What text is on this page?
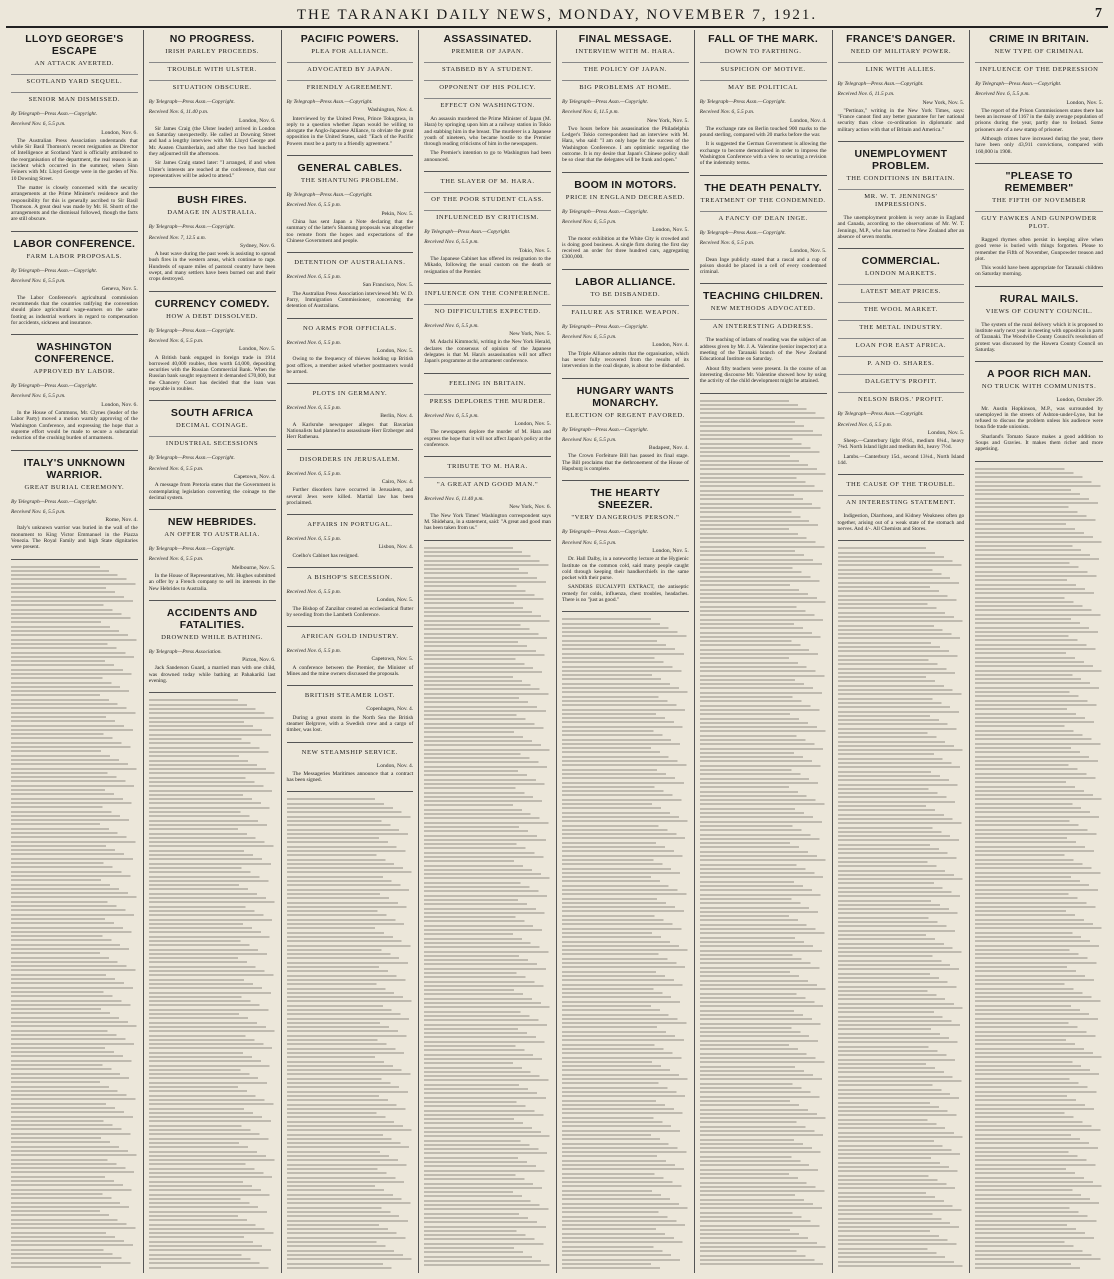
THE TARANAKI DAILY NEWS, MONDAY, NOVEMBER 7, 1921.	7
LLOYD GEORGE'S ESCAPE
AN ATTACK AVERTED.
SCOTLAND YARD SEQUEL.
SENIOR MAN DISMISSED.
By Telegraph—Press Assn.—Copyright.
Received Nov. 6, 5.5 p.m.
London, Nov. 6.

The Australian Press Association understands that while Sir Basil Thomson's recent resignation as Director of Intelligence at Scotland Yard is officially attributed to the reorganisation of the department, the real reason is an incident which occurred in the summer, when Sinn Feiners with Mr. Lloyd George were in the garden of No. 10 Downing Street.

The matter is closely concerned with the security arrangements at the Prime Minister's residence and the responsibility for this is generally ascribed to Sir Basil Thomson. A great deal was made by Mr. H. Shortt of the arrangements and the dismissal followed, though the facts are still obscure.

LABOR CONFERENCE.
FARM LABOR PROPOSALS.
By Telegraph—Press Assn.—Copyright.
Received Nov. 6, 5.5 p.m.
Geneva, Nov. 5.

The Labor Conference's agricultural commission recommends that the countries ratifying the convention should place agricultural wage-earners on the same footing as industrial workers in regard to compensation for accidents, sickness and insurance.

WASHINGTON CONFERENCE.
APPROVED BY LABOR.
By Telegraph—Press Assn.—Copyright.
Received Nov. 6, 5.5 p.m.
London, Nov. 6.

In the House of Commons, Mr. Clynes (leader of the Labor Party) moved a motion warmly approving of the Washington Conference, and expressing the hope that a supreme effort would be made to secure a substantial reduction of the crushing burden of armaments.

ITALY'S UNKNOWN WARRIOR.
GREAT BURIAL CEREMONY.
By Telegraph—Press Assn.—Copyright.
Received Nov. 6, 5.5 p.m.
Rome, Nov. 4.

Italy's unknown warrior was buried in the wall of the monument to King Victor Emmanuel in the Piazza Venezia. The Royal Family and high State dignitaries were present.

NO PROGRESS.
IRISH PARLEY PROCEEDS.
TROUBLE WITH ULSTER.
SITUATION OBSCURE.
By Telegraph—Press Assn.—Copyright.
Received Nov. 6, 11.40 p.m.
London, Nov. 6.

Sir James Craig (the Ulster leader) arrived in London on Saturday unexpectedly. He called at Downing Street and had a lengthy interview with Mr. Lloyd George and Mr. Austen Chamberlain, and after the two had lunched they adjourned till the afternoon.

Sir James Craig stated later: "I arranged, if and when Ulster's interests are reached at the conference, that our representatives will be asked to attend."

BUSH FIRES.
DAMAGE IN AUSTRALIA.
By Telegraph—Press Assn.—Copyright.
Received Nov. 7, 12.5 a.m.
Sydney, Nov. 6.

A heat wave during the past week is assisting to spread bush fires in the western areas, which continue to rage. Hundreds of square miles of pastoral country have been swept, and many settlers have been burned out and their crops destroyed.

CURRENCY COMEDY.
HOW A DEBT DISSOLVED.
By Telegraph—Press Assn.—Copyright.
Received Nov. 6, 5.5 p.m.
London, Nov. 5.

A British bank engaged in foreign trade in 1914 borrowed 40,000 roubles, then worth £4,000, depositing securities with the Russian Commercial Bank. When the Russian bank sought repayment it demanded £70,000, but the Chancery Court has decided that the loan was repayable in roubles.

SOUTH AFRICA
DECIMAL COINAGE.
INDUSTRIAL SECESSIONS
By Telegraph—Press Assn.—Copyright.
Received Nov. 6, 5.5 p.m.
Capetown, Nov. 4.

A message from Pretoria states that the Government is contemplating legislation converting the coinage to the decimal system.

NEW HEBRIDES.
AN OFFER TO AUSTRALIA.
By Telegraph—Press Assn.—Copyright.
Received Nov. 6, 5.5 p.m.
Melbourne, Nov. 5.

In the House of Representatives, Mr. Hughes submitted an offer by a French company to sell its interests in the New Hebrides to Australia.

ACCIDENTS AND FATALITIES.
DROWNED WHILE BATHING.
By Telegraph—Press Association.
Picton, Nov. 6.

Jack Sanderson Guard, a married man with one child, was drowned today while bathing at Pahakariki last evening.

PACIFIC POWERS.
PLEA FOR ALLIANCE.
ADVOCATED BY JAPAN.
FRIENDLY AGREEMENT.
By Telegraph—Press Assn.—Copyright.
Washington, Nov. 4.

Interviewed by the United Press, Prince Tokugawa, in reply to a question whether Japan would be willing to abrogate the Anglo-Japanese Alliance, to obviate the great opposition in the United States, said: "Each of the Pacific Powers must be a party to a friendly agreement."

GENERAL CABLES.
THE SHANTUNG PROBLEM.
By Telegraph—Press Assn.—Copyright.
Received Nov. 6, 5.5 p.m.
Pekin, Nov. 5.

China has sent Japan a Note declaring that the summary of the latter's Shantung proposals was altogether too remote from the hopes and expectations of the Chinese Government and people.

DETENTION OF AUSTRALIANS.
Received Nov. 6, 5.5 p.m.
San Francisco, Nov. 5.

The Australian Press Association interviewed Mr. W. D. Parry, Immigration Commissioner, concerning the detention of Australians.

NO ARMS FOR OFFICIALS.
Received Nov. 6, 5.5 p.m.
London, Nov. 5.

Owing to the frequency of thieves holding up British post offices, a member asked whether postmasters would be armed.

PLOTS IN GERMANY.
Received Nov. 6, 5.5 p.m.
Berlin, Nov. 4.

A Karlsruhe newspaper alleges that Bavarian Nationalists had planned to assassinate Herr Erzberger and Herr Rathenau.

DISORDERS IN JERUSALEM.
Received Nov. 6, 5.5 p.m.
Cairo, Nov. 4.

Further disorders have occurred in Jerusalem, and several Jews were killed. Martial law has been proclaimed.

AFFAIRS IN PORTUGAL.
Received Nov. 6, 5.5 p.m.
Lisbon, Nov. 4.

Coelho's Cabinet has resigned.

A BISHOP'S SECESSION.
Received Nov. 6, 5.5 p.m.
London, Nov. 5.

The Bishop of Zanzibar created an ecclesiastical flutter by seceding from the Lambeth Conference.

AFRICAN GOLD INDUSTRY.
Received Nov. 6, 5.5 p.m.
Capetown, Nov. 5.

A conference between the Premier, the Minister of Mines and the mine owners discussed the proposals.

BRITISH STEAMER LOST.
Copenhagen, Nov. 4.

During a great storm in the North Sea the British steamer Belgrove, with a Swedish crew and a cargo of timber, was lost.

NEW STEAMSHIP SERVICE.
London, Nov. 4.

The Messageries Maritimes announce that a contract has been signed.

ASSASSINATED.
PREMIER OF JAPAN.
STABBED BY A STUDENT.
OPPONENT OF HIS POLICY.
EFFECT ON WASHINGTON.

An assassin murdered the Prime Minister of Japan (M. Hara) by springing upon him at a railway station in Tokio and stabbing him in the breast. The murderer is a Japanese youth of nineteen, who became hostile to the Premier through reading criticisms of him in the newspapers.

The Premier's intention to go to Washington had been announced.

THE SLAYER OF M. HARA.
OF THE POOR STUDENT CLASS.
INFLUENCED BY CRITICISM.
By Telegraph—Press Assn.—Copyright.
Received Nov. 6, 5.5 p.m.
Tokio, Nov. 5.

The Japanese Cabinet has offered its resignation to the Mikado, following the usual custom on the death or resignation of the Premier.

INFLUENCE ON THE CONFERENCE.
NO DIFFICULTIES EXPECTED.
Received Nov. 6, 5.5 p.m.
New York, Nov. 5.

M. Adachi Kimmochi, writing in the New York Herald, declares the consensus of opinion of the Japanese delegates is that M. Hara's assassination will not affect Japan's programme at the armament conference.

FEELING IN BRITAIN.
PRESS DEPLORES THE MURDER.
Received Nov. 6, 5.5 p.m.
London, Nov. 5.

The newspapers deplore the murder of M. Hara and express the hope that it will not affect Japan's policy at the conference.

TRIBUTE TO M. HARA.
"A GREAT AND GOOD MAN."
Received Nov. 6, 11.40 p.m.
New York, Nov. 6.

The New York Times' Washington correspondent says M. Shidehara, in a statement, said: "A great and good man has been taken from us."

FINAL MESSAGE.
INTERVIEW WITH M. HARA.
THE POLICY OF JAPAN.
BIG PROBLEMS AT HOME.
By Telegraph—Press Assn.—Copyright.
Received Nov. 6, 11.5 p.m.
New York, Nov. 5.

Two hours before his assassination the Philadelphia Ledger's Tokio correspondent had an interview with M. Hara, who said: "I am only hope for the success of the Washington Conference. I am optimistic regarding the outcome. It is my desire that Japan's Chinese policy shall be so clear that the delegates will be frank and open."

BOOM IN MOTORS.
PRICE IN ENGLAND DECREASED.
By Telegraph—Press Assn.—Copyright.
Received Nov. 6, 5.5 p.m.
London, Nov. 5.

The motor exhibition at the White City is crowded and is doing good business. A single firm during the first day received an order for three hundred cars, aggregating £300,000.

LABOR ALLIANCE.
TO BE DISBANDED.
FAILURE AS STRIKE WEAPON.
By Telegraph—Press Assn.—Copyright.
Received Nov. 6, 5.5 p.m.
London, Nov. 4.

The Triple Alliance admits that the organisation, which has never fully recovered from the results of its intervention in the coal dispute, is about to be disbanded.

HUNGARY WANTS MONARCHY.
ELECTION OF REGENT FAVORED.
By Telegraph—Press Assn.—Copyright.
Received Nov. 6, 5.5 p.m.
Budapest, Nov. 4.

The Crown Forfeiture Bill has passed its final stage. The Bill proclaims that the dethronement of the House of Hapsburg is complete.

THE HEARTY SNEEZER.
"VERY DANGEROUS PERSON."
By Telegraph—Press Assn.—Copyright.
Received Nov. 6, 5.5 p.m.
London, Nov. 5.

Dr. Hall Dalby, in a noteworthy lecture at the Hygienic Institute on the common cold, said many people caught cold through keeping their handkerchiefs in the same pocket with their purse.

SANDERS EUCALYPTI EXTRACT, the antiseptic remedy for colds, influenza, chest troubles, headaches. There is no "just as good."

FALL OF THE MARK.
DOWN TO FARTHING.
SUSPICION OF MOTIVE.
MAY BE POLITICAL
By Telegraph—Press Assn.—Copyright.
Received Nov. 6, 5.5 p.m.
London, Nov. 4.

The exchange rate on Berlin touched 900 marks to the pound sterling, compared with 20 marks before the war.

It is suggested the German Government is allowing the exchange to become demoralised in order to impress the Washington Conference with a view to securing a revision of the indemnity terms.

THE DEATH PENALTY.
TREATMENT OF THE CONDEMNED.
A FANCY OF DEAN INGE.
By Telegraph—Press Assn.—Copyright.
Received Nov. 6, 5.5 p.m.
London, Nov. 5.

Dean Inge publicly stated that a rascal and a cup of poison should be placed in a cell of every condemned criminal.

TEACHING CHILDREN.
NEW METHODS ADVOCATED.
AN INTERESTING ADDRESS.

The teaching of infants of reading was the subject of an address given by Mr. J. A. Valentine (senior inspector) at a meeting of the Taranaki branch of the New Zealand Educational Institute on Saturday.

About fifty teachers were present. In the course of an interesting discourse Mr. Valentine showed how by using the activity of the child development might be attained.

FRANCE'S DANGER.
NEED OF MILITARY POWER.
LINK WITH ALLIES.
By Telegraph—Press Assn.—Copyright.
Received Nov. 6, 11.5 p.m.
New York, Nov. 5.

"Pertinax," writing in the New York Times, says: "France cannot find any better guarantee for her national security than close co-ordination in diplomatic and military action with that of Britain and America."

UNEMPLOYMENT PROBLEM.
THE CONDITIONS IN BRITAIN.
MR. W. T. JENNINGS' IMPRESSIONS.

The unemployment problem is very acute in England and Canada, according to the observations of Mr. W. T. Jennings, M.P., who has returned to New Zealand after an absence of seven months.

COMMERCIAL.
LONDON MARKETS.
LATEST MEAT PRICES.
THE WOOL MARKET.
THE METAL INDUSTRY.
LOAN FOR EAST AFRICA.
P. AND O. SHARES.
DALGETY'S PROFIT.
NELSON BROS.' PROFIT.
By Telegraph—Press Assn.—Copyright.
Received Nov. 6, 5.5 p.m.
London, Nov. 5.

Sheep.—Canterbury light 8½d., medium 8¼d., heavy 7¾d. North Island light and medium 8d., heavy 7½d.

Lambs.—Canterbury 15d., second 13¼d., North Island 14d.

THE CAUSE OF THE TROUBLE.
AN INTERESTING STATEMENT.

Indigestion, Diarrhoea, and Kidney Weakness often go together, arising out of a weak state of the stomach and nerves. And 4/-. All Chemists and Stores.

CRIME IN BRITAIN.
NEW TYPE OF CRIMINAL
INFLUENCE OF THE DEPRESSION
By Telegraph—Press Assn.—Copyright.
Received Nov. 6, 5.5 p.m.
London, Nov. 5.

The report of the Prison Commissioners states there has been an increase of 1167 in the daily average population of prisons during the year, partly due to Ireland. Some prisoners are of a new stamp of prisoner.

Although crimes have increased during the year, there have been only 43,911 convictions, compared with 160,000 in 1908.

"PLEASE TO REMEMBER"
THE FIFTH OF NOVEMBER
GUY FAWKES AND GUNPOWDER PLOT.

Ragged rhymes often persist in keeping alive when good verse is buried with things forgotten. Please to remember the Fifth of November, Gunpowder treason and plot.

This would have been appropriate for Taranaki children on Saturday morning.

RURAL MAILS.
VIEWS OF COUNTY COUNCIL.

The system of the rural delivery which it is proposed to institute early next year in meeting with opposition in parts of Taranaki. The Woodville County Council's resolution of protest was discussed by the Hawera County Council on Saturday.

A POOR RICH MAN.
NO TRUCK WITH COMMUNISTS.
London, October 29.

Mr. Austin Hopkinson, M.P., was surrounded by unemployed in the streets of Ashton-under-Lyne, but he refused to discuss the problem unless his audience were bona fide trade unionists.

Sharland's Tomato Sauce makes a good addition to Soups and Gravies. It makes them richer and more appetising.
